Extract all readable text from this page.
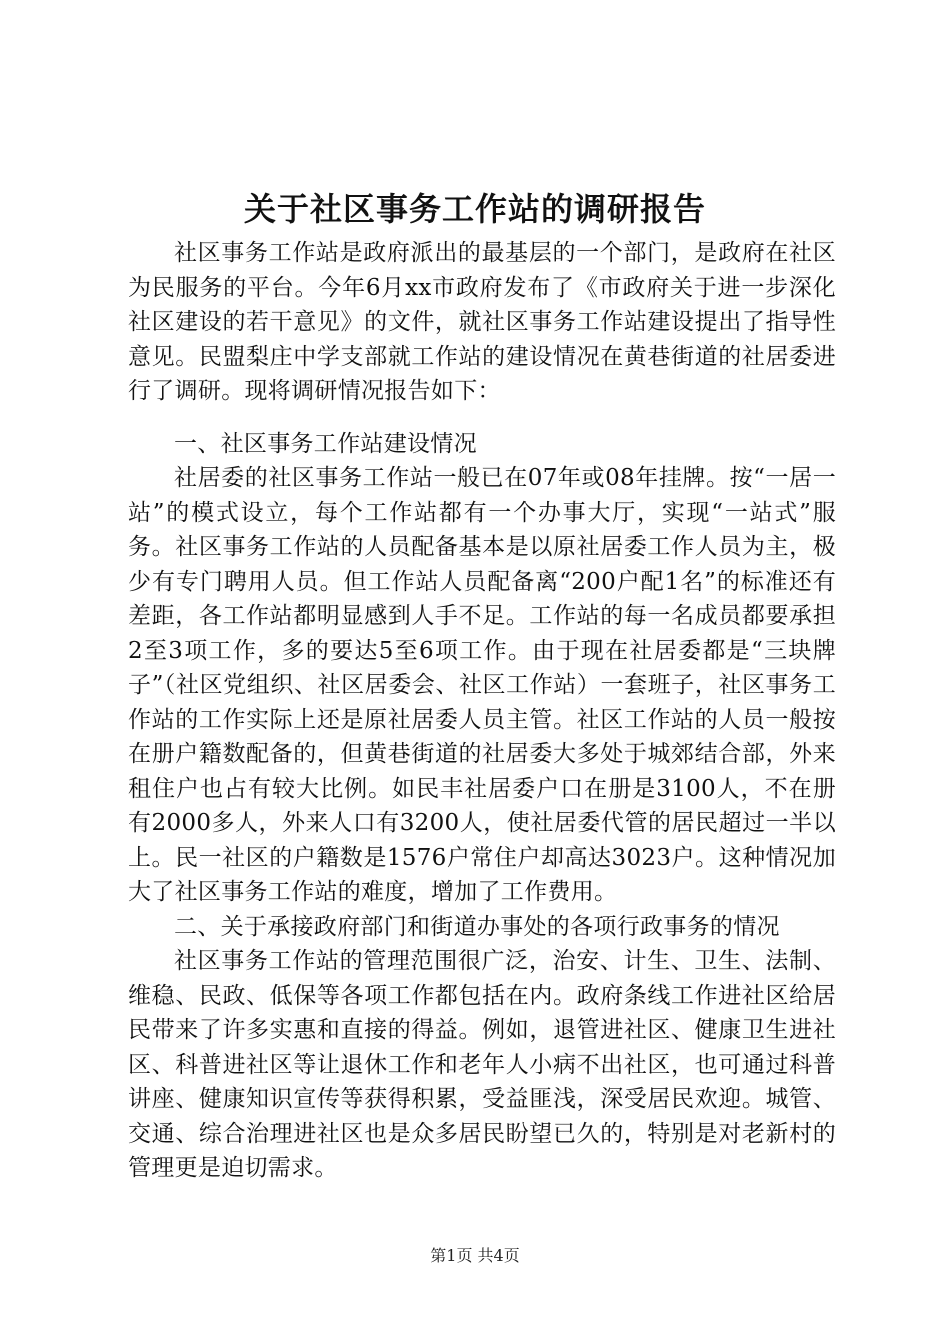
关于社区事务工作站的调研报告

社区事务工作站是政府派出的最基层的一个部门，是政府在社区为民服务的平台。今年6月xx市政府发布了《市政府关于进一步深化社区建设的若干意见》的文件，就社区事务工作站建设提出了指导性意见。民盟梨庄中学支部就工作站的建设情况在黄巷街道的社居委进行了调研。现将调研情况报告如下：

一、社区事务工作站建设情况

社居委的社区事务工作站一般已在07年或08年挂牌。按“一居一站”的模式设立，每个工作站都有一个办事大厅，实现“一站式”服务。社区事务工作站的人员配备基本是以原社居委工作人员为主，极少有专门聘用人员。但工作站人员配备离“200户配1名”的标准还有差距，各工作站都明显感到人手不足。工作站的每一名成员都要承担2至3项工作，多的要达5至6项工作。由于现在社居委都是“三块牌子”（社区党组织、社区居委会、社区工作站）一套班子，社区事务工作站的工作实际上还是原社居委人员主管。社区工作站的人员一般按在册户籍数配备的，但黄巷街道的社居委大多处于城郊结合部，外来租住户也占有较大比例。如民丰社居委户口在册是3100人，不在册有2000多人，外来人口有3200人，使社居委代管的居民超过一半以上。民一社区的户籍数是1576户常住户却高达3023户。这种情况加大了社区事务工作站的难度，增加了工作费用。

二、关于承接政府部门和街道办事处的各项行政事务的情况

社区事务工作站的管理范围很广泛，治安、计生、卫生、法制、维稳、民政、低保等各项工作都包括在内。政府条线工作进社区给居民带来了许多实惠和直接的得益。例如，退管进社区、健康卫生进社区、科普进社区等让退休工作和老年人小病不出社区，也可通过科普讲座、健康知识宣传等获得积累，受益匪浅，深受居民欢迎。城管、交通、综合治理进社区也是众多居民盼望已久的，特别是对老新村的管理更是迫切需求。

第1页 共4页
